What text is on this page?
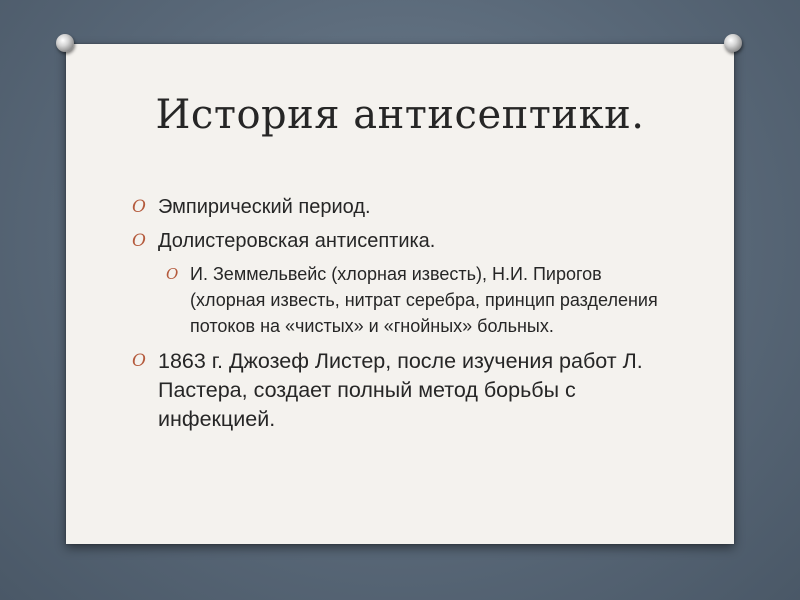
История антисептики.
O Эмпирический период.
O Долистеровская антисептика.
O И. Земмельвейс (хлорная известь), Н.И. Пирогов (хлорная известь, нитрат серебра, принцип разделения потоков на «чистых» и «гнойных» больных.
O 1863 г. Джозеф Листер, после изучения работ Л. Пастера, создает полный метод борьбы с инфекцией.
